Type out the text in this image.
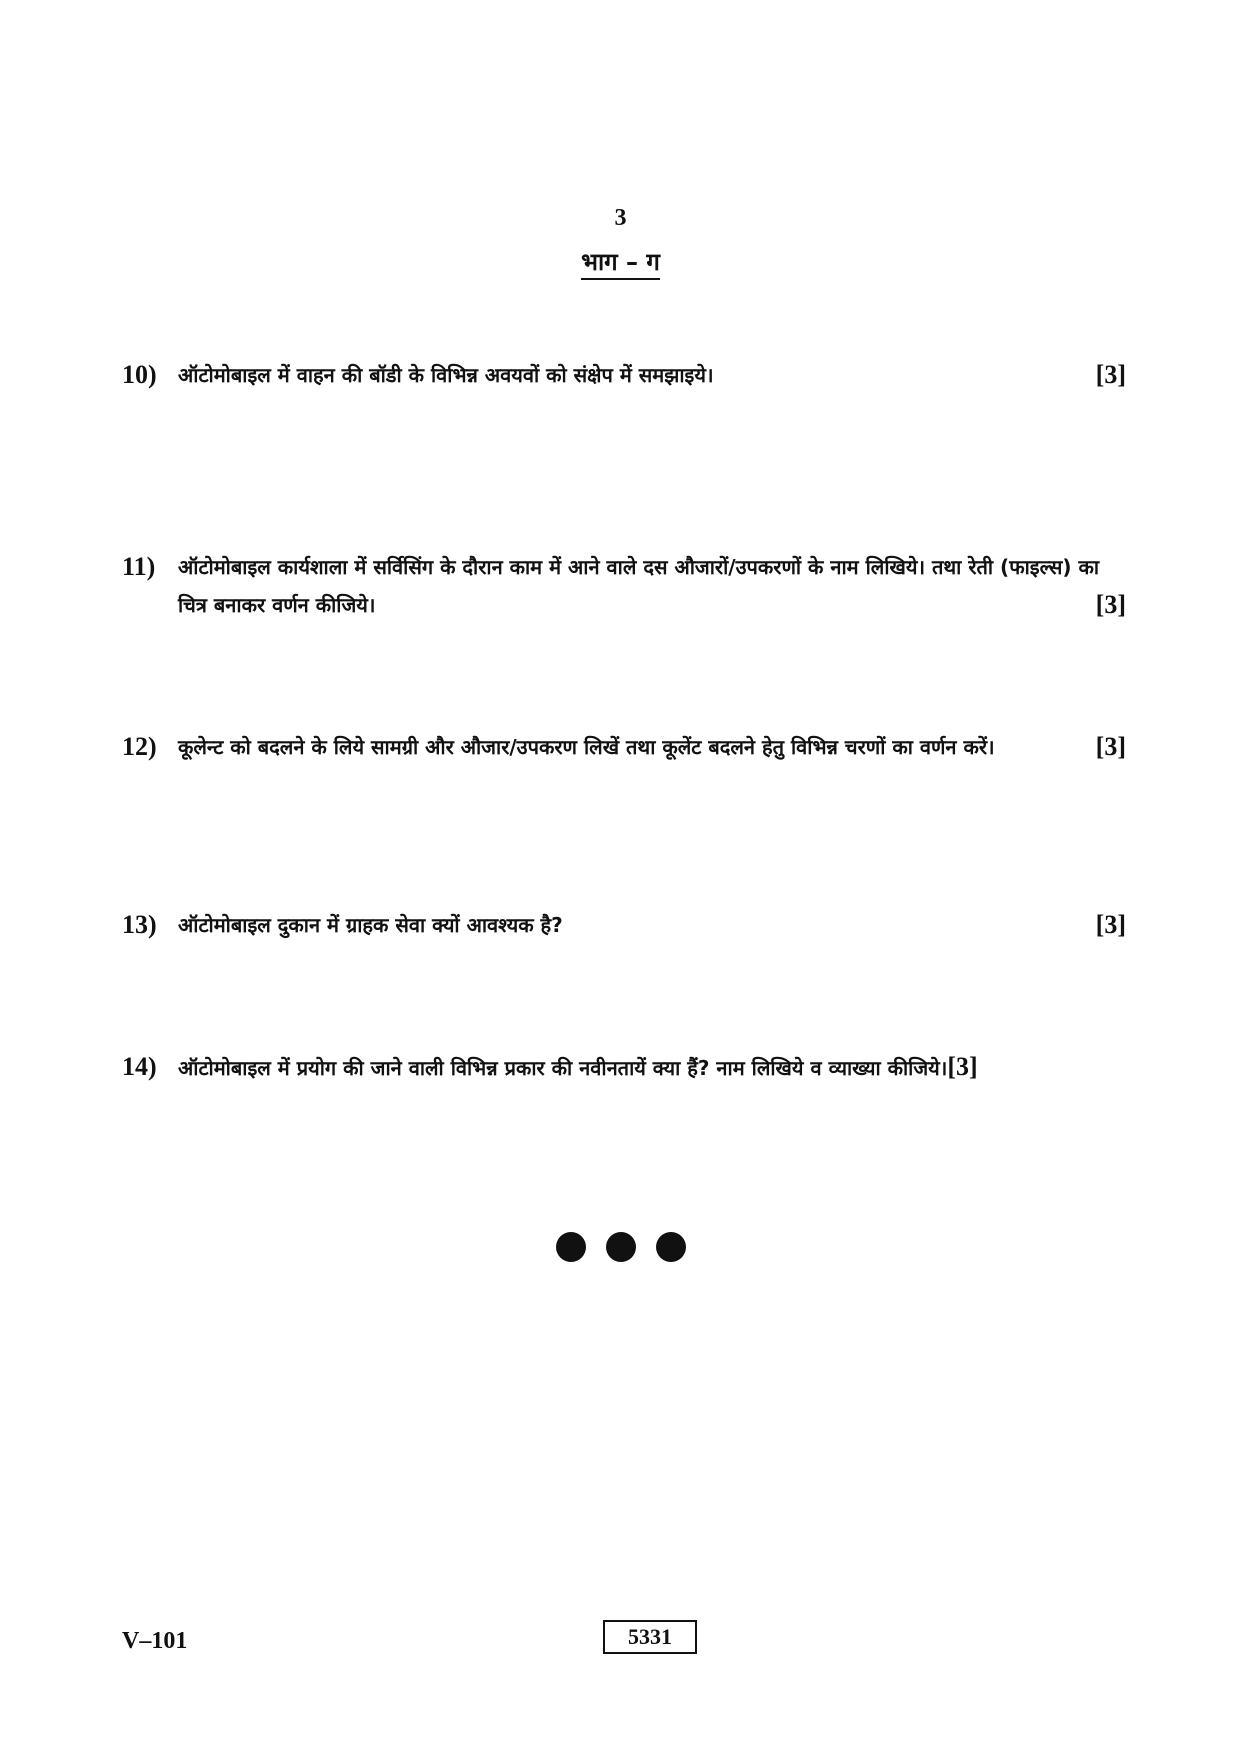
3
भाग – ग
10)	[3]
ऑटोमोबाइल में वाहन की बॉडी के विभिन्न अवयवों को संक्षेप में समझाइये।
11) ऑटोमोबाइल कार्यशाला में सर्विसिंग के दौरान काम में आने वाले दस औजारों/उपकरणों के नाम लिखिये। तथा रेती (फाइल्स) का चित्र बनाकर वर्णन कीजिये।	[3]
12) कूलेन्ट को बदलने के लिये सामग्री और औजार/उपकरण लिखें तथा कूलेंट बदलने हेतु विभिन्न चरणों का वर्णन करें।	[3]
13)	[3]
ऑटोमोबाइल दुकान में ग्राहक सेवा क्यों आवश्यक है?
14) ऑटोमोबाइल में प्रयोग की जाने वाली विभिन्न प्रकार की नवीनतायें क्या हैं? नाम लिखिये व व्याख्या कीजिये।[3]

V–101	5331
